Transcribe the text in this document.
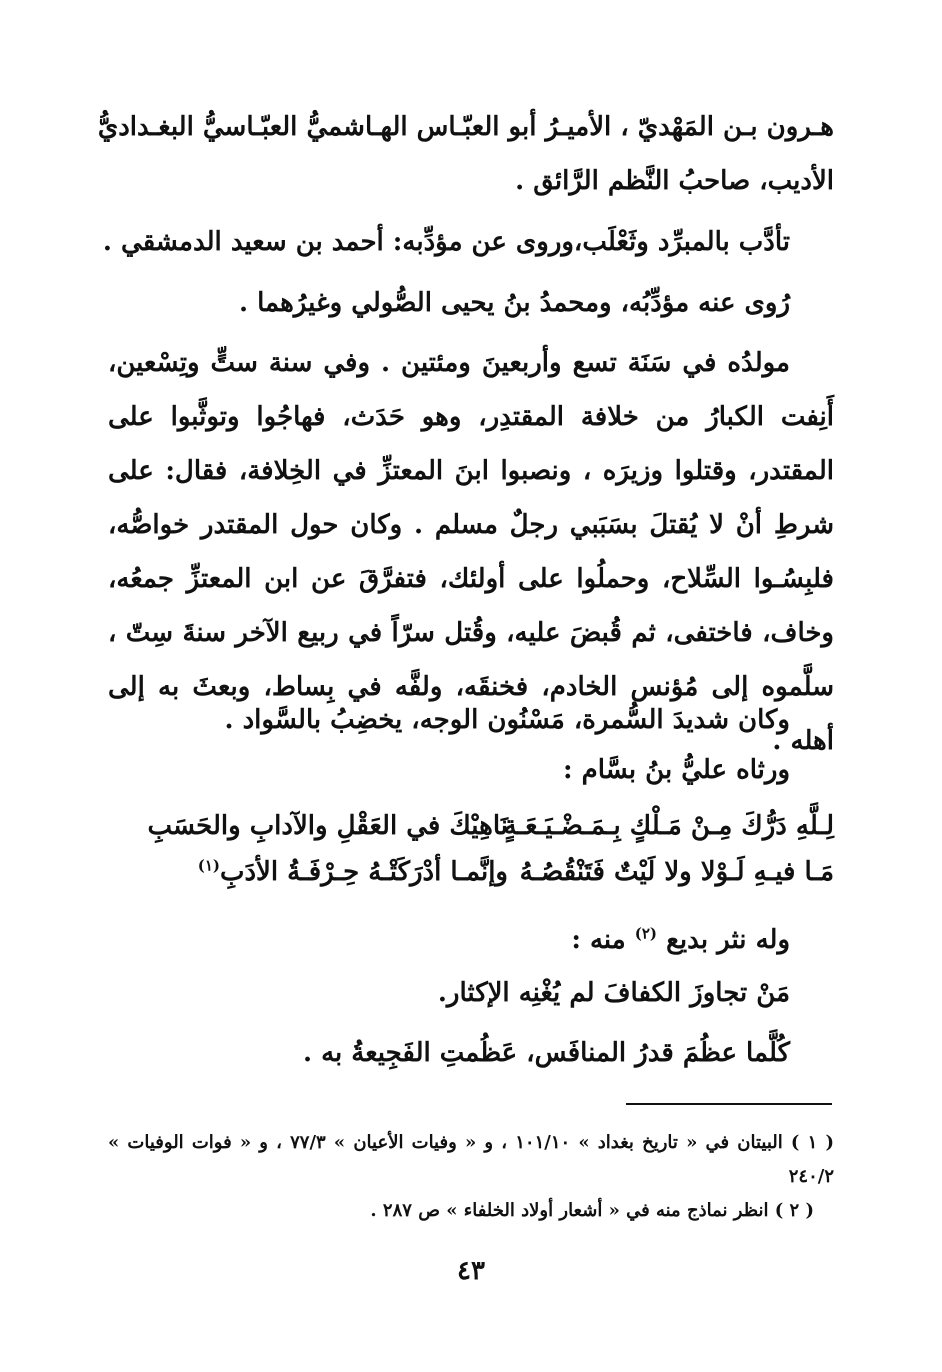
هـرون بـن المَهْديّ ، الأميـرُ أبو العبّـاس الهـاشميُّ العبّـاسيُّ البغـداديُّ

الأديب، صاحبُ النَّظم الرَّائق .

تأدَّب بالمبرِّد وثَعْلَب،وروى عن مؤدِّبه: أحمد بن سعيد الدمشقي .

رُوى عنه مؤدِّبُه، ومحمدُ بنُ يحيى الصُّولي وغيرُهما .

مولدُه في سَنَة تسع وأربعينَ ومئتين . وفي سنة ستٍّ وتِسْعين، أَنِفت الكبارُ من خلافة المقتدِر، وهو حَدَث، فهاجُوا وتوثَّبوا على المقتدر، وقتلوا وزيرَه ، ونصبوا ابنَ المعتزِّ في الخِلافة، فقال: على شرطِ أنْ لا يُقتلَ بسَبَبي رجلٌ مسلم . وكان حول المقتدر خواصُّه، فلبِسُـوا السِّلاح، وحملُوا على أولئك، فتفرَّقَ عن ابن المعتزِّ جمعُه، وخاف، فاختفى، ثم قُبضَ عليه، وقُتل سرّاً في ربيع الآخر سنةَ سِتّ ، سلَّموه إلى مُؤنس الخادم، فخنقَه، ولفَّه في بِساط، وبعثَ به إلى أهله .

وكان شديدَ السُّمرة، مَسْنُون الوجه، يخضِبُ بالسَّواد .

ورثاه عليُّ بنُ بسَّام :

لِـلَّهِ دَرُّكَ مِـنْ مَـلْكٍ بِـمَـضْـيَـعَـةٍ
نَاهِيْكَ في العَقْلِ والآدابِ والحَسَبِ
مَـا فيـهِ لَـوْلا ولا لَيْتٌ فَتَنْقُصُـهُ
وإنَّمـا أدْرَكَتْـهُ حِـرْفَـةُ الأدَبِ$^{(١)}$

وله نثر بديع $^{(٢)}$ منه :

مَنْ تجاوزَ الكفافَ لم يُغْنِه الإكثار.

كُلَّما عظُمَ قدرُ المنافَس، عَظُمتِ الفَجِيعةُ به .

( ١ ) البيتان في « تاريخ بغداد » ١٠١/١٠ ، و « وفيات الأعيان » ٧٧/٣ ، و « فوات الوفيات » ٢٤٠/٢

( ٢ ) انظر نماذج منه في « أشعار أولاد الخلفاء » ص ٢٨٧ .

٤٣
